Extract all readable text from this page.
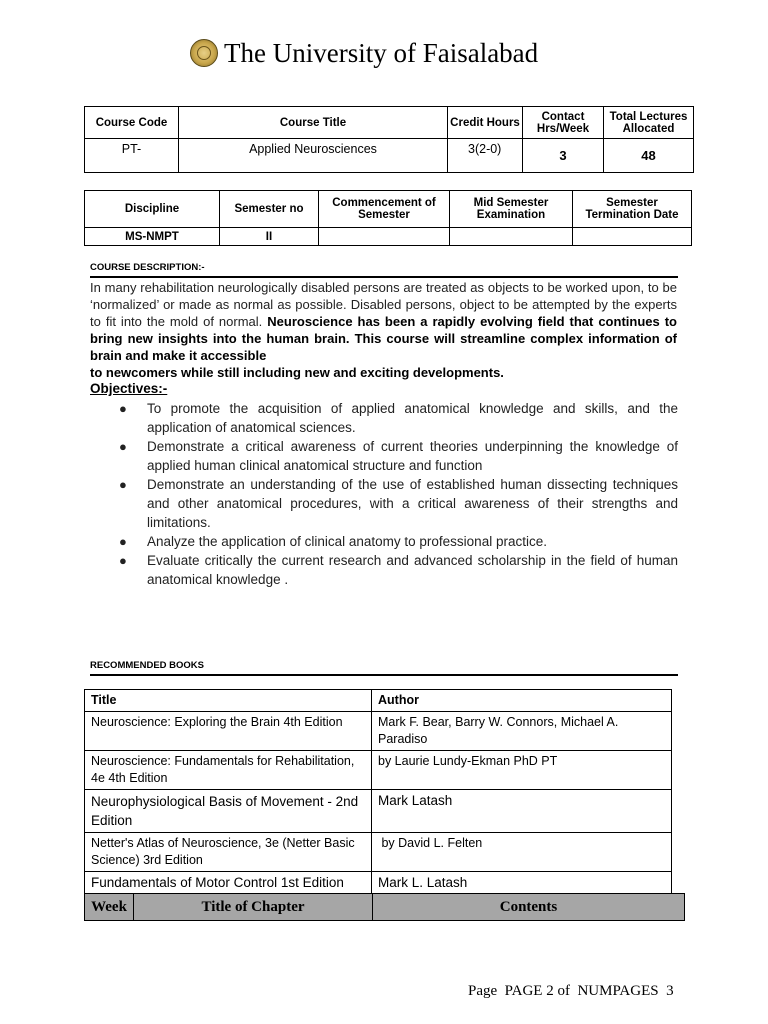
The University of Faisalabad
Course Code	Course Title	Credit Hours	Contact Hrs/Week	Total Lectures Allocated
PT-	Applied Neurosciences	3(2-0)	3	48
Discipline	Semester no	Commencement of Semester	Mid Semester Examination	Semester Termination Date
MS-NMPT	II			
COURSE DESCRIPTION:-
In many rehabilitation neurologically disabled persons are treated as objects to be worked upon, to be ‘normalized’ or made as normal as possible. Disabled persons, object to be attempted by the experts to fit into the mold of normal. Neuroscience has been a rapidly evolving field that continues to bring new insights into the human brain. This course will streamline complex information of brain and make it accessible
to newcomers while still including new and exciting developments.
Objectives:-
● To promote the acquisition of applied anatomical knowledge and skills, and the application of anatomical sciences.
● Demonstrate a critical awareness of current theories underpinning the knowledge of applied human clinical anatomical structure and function
● Demonstrate an understanding of the use of established human dissecting techniques and other anatomical procedures, with a critical awareness of their strengths and limitations.
● Analyze the application of clinical anatomy to professional practice.
● Evaluate critically the current research and advanced scholarship in the field of human anatomical knowledge .
RECOMMENDED BOOKS
Title	Author
Neuroscience: Exploring the Brain 4th Edition	Mark F. Bear, Barry W. Connors, Michael A. Paradiso
Neuroscience: Fundamentals for Rehabilitation, 4e 4th Edition	by Laurie Lundy-Ekman PhD PT
Neurophysiological Basis of Movement - 2nd Edition	Mark Latash
Netter's Atlas of Neuroscience, 3e (Netter Basic Science) 3rd Edition	by David L. Felten
Fundamentals of Motor Control 1st Edition	Mark L. Latash
Week	Title of Chapter	Contents
Page  PAGE 2 of  NUMPAGES  3
